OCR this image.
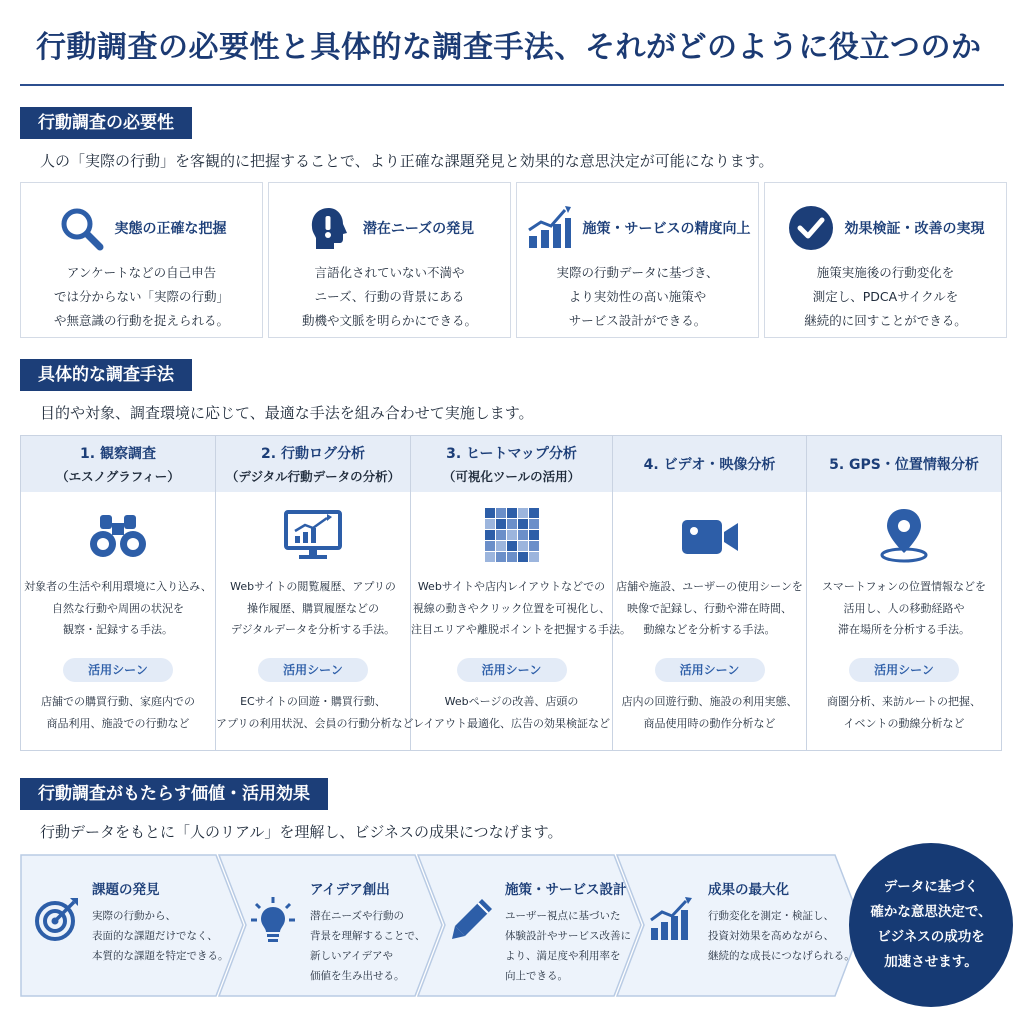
行動調査の必要性と具体的な調査手法、それがどのように役立つのか
行動調査の必要性
人の「実際の行動」を客観的に把握することで、より正確な課題発見と効果的な意思決定が可能になります。
実態の正確な把握
アンケートなどの自己申告
では分からない「実際の行動」
や無意識の行動を捉えられる。
潜在ニーズの発見
言語化されていない不満や
ニーズ、行動の背景にある
動機や文脈を明らかにできる。
施策・サービスの精度向上
実際の行動データに基づき、
より実効性の高い施策や
サービス設計ができる。
効果検証・改善の実現
施策実施後の行動変化を
測定し、PDCAサイクルを
継続的に回すことができる。
具体的な調査手法
目的や対象、調査環境に応じて、最適な手法を組み合わせて実施します。
1. 観察調査
（エスノグラフィー）
対象者の生活や利用環境に入り込み、
自然な行動や周囲の状況を
観察・記録する手法。
活用シーン
店舗での購買行動、家庭内での
商品利用、施設での行動など
2. 行動ログ分析
（デジタル行動データの分析）
Webサイトの閲覧履歴、アプリの
操作履歴、購買履歴などの
デジタルデータを分析する手法。
活用シーン
ECサイトの回遊・購買行動、
アプリの利用状況、会員の行動分析など
3. ヒートマップ分析
（可視化ツールの活用）
Webサイトや店内レイアウトなどでの
視線の動きやクリック位置を可視化し、
注目エリアや離脱ポイントを把握する手法。
活用シーン
Webページの改善、店頭の
レイアウト最適化、広告の効果検証など
4. ビデオ・映像分析
店舗や施設、ユーザーの使用シーンを
映像で記録し、行動や滞在時間、
動線などを分析する手法。
活用シーン
店内の回遊行動、施設の利用実態、
商品使用時の動作分析など
5. GPS・位置情報分析
スマートフォンの位置情報などを
活用し、人の移動経路や
滞在場所を分析する手法。
活用シーン
商圏分析、来訪ルートの把握、
イベントの動線分析など
行動調査がもたらす価値・活用効果
行動データをもとに「人のリアル」を理解し、ビジネスの成果につなげます。
課題の発見
実際の行動から、
表面的な課題だけでなく、
本質的な課題を特定できる。
アイデア創出
潜在ニーズや行動の
背景を理解することで、
新しいアイデアや
価値を生み出せる。
施策・サービス設計
ユーザー視点に基づいた
体験設計やサービス改善に
より、満足度や利用率を
向上できる。
成果の最大化
行動変化を測定・検証し、
投資対効果を高めながら、
継続的な成長につなげられる。
データに基づく
確かな意思決定で、
ビジネスの成功を
加速させます。
